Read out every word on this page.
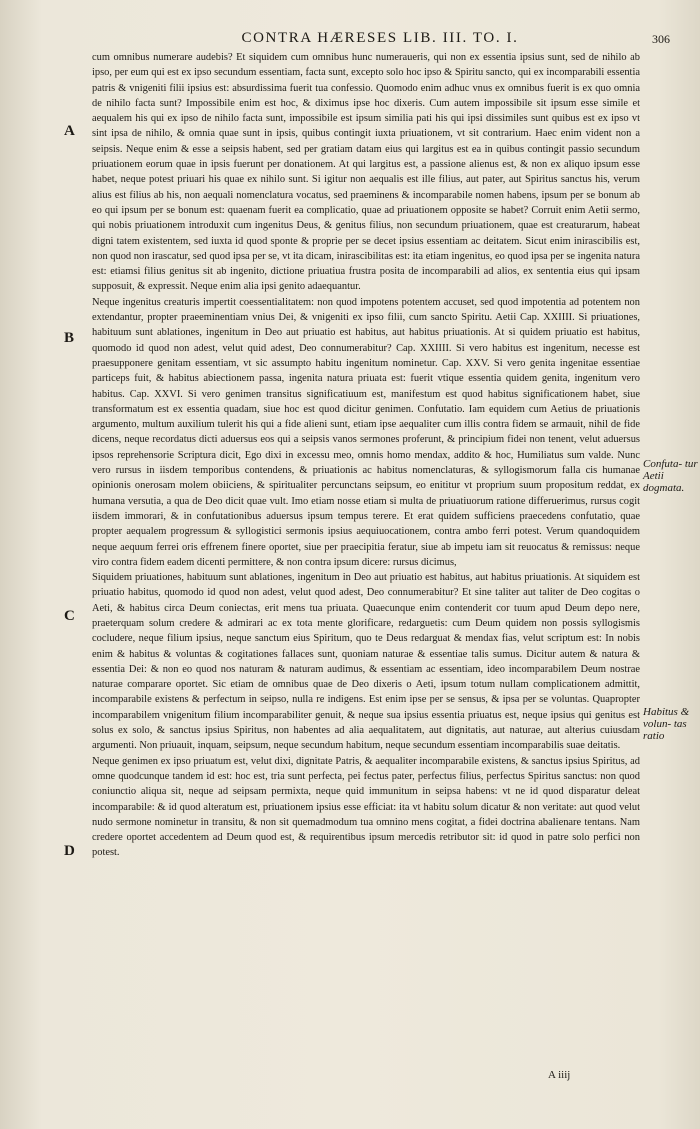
CONTRA HÆRESES LIB. III. TO. I.	306
A
B
C
D
Confuta- tur Aetii dogmata.
Habitus & volun- tas ratio

cum omnibus numerare audebis? Et siquidem cum omnibus hunc numeraueris, qui non ex essentia ipsius sunt, sed de nihilo ab ipso, per eum qui est ex ipso secundum essentiam, facta sunt, excepto solo hoc ipso & Spiritu sancto, qui ex incomparabili essentia patris & vnigeniti filii ipsius est: absurdissima fuerit tua confessio. Quomodo enim adhuc vnus ex omnibus fuerit is ex quo omnia de nihilo facta sunt? Impossibile enim est hoc, & diximus ipse hoc dixeris. Cum autem impossibile sit ipsum esse simile et aequalem his qui ex ipso de nihilo facta sunt, impossibile est ipsum similia pati his qui ipsi dissimiles sunt quibus est ex ipso vt sint ipsa de nihilo, & omnia quae sunt in ipsis, quibus contingit iuxta priuationem, vt sit contrarium. Haec enim vident non a seipsis. Neque enim & esse a seipsis habent, sed per gratiam datam eius qui largitus est ea in quibus contingit passio secundum priuationem eorum quae in ipsis fuerunt per donationem. At qui largitus est, a passione alienus est, & non ex aliquo ipsum esse habet, neque potest priuari his quae ex nihilo sunt. Si igitur non aequalis est ille filius, aut pater, aut Spiritus sanctus his, verum alius est filius ab his, non aequali nomenclatura vocatus, sed praeminens & incomparabile nomen habens, ipsum per se bonum ab eo qui ipsum per se bonum est: quaenam fuerit ea complicatio, quae ad priuationem opposite se habet? Corruit enim Aetii sermo, qui nobis priuationem introduxit cum ingenitus Deus, & genitus filius, non secundum priuationem, quae est creaturarum, habeat digni tatem existentem, sed iuxta id quod sponte & proprie per se decet ipsius essentiam ac deitatem. Sicut enim inirascibilis est, non quod non irascatur, sed quod ipsa per se, vt ita dicam, inirascibilitas est: ita etiam ingenitus, eo quod ipsa per se ingenita natura est: etiamsi filius genitus sit ab ingenito, dictione priuatiua frustra posita de incomparabili ad alios, ex sententia eius qui ipsam supposuit, & expressit. Neque enim alia ipsi genito adaequantur.

Neque ingenitus creaturis impertit coessentialitatem: non quod impotens potentem accuset, sed quod impotentia ad potentem non extendantur, propter praeeminentiam vnius Dei, & vnigeniti ex ipso filii, cum sancto Spiritu. Aetii Cap. XXIIII. Si priuationes, habituum sunt ablationes, ingenitum in Deo aut priuatio est habitus, aut habitus priuationis. At si quidem priuatio est habitus, quomodo id quod non adest, velut quid adest, Deo connumerabitur? Cap. XXIIII. Si vero habitus est ingenitum, necesse est praesupponere genitam essentiam, vt sic assumpto habitu ingenitum nominetur. Cap. XXV. Si vero genita ingenitae essentiae particeps fuit, & habitus abiectionem passa, ingenita natura priuata est: fuerit vtique essentia quidem genita, ingenitum vero habitus. Cap. XXVI. Si vero genimen transitus significatiuum est, manifestum est quod habitus significationem habet, siue transformatum est ex essentia quadam, siue hoc est quod dicitur genimen. Confutatio. Iam equidem cum Aetius de priuationis argumento, multum auxilium tulerit his qui a fide alieni sunt, etiam ipse aequaliter cum illis contra fidem se armauit, nihil de fide dicens, neque recordatus dicti aduersus eos qui a seipsis vanos sermones proferunt, & principium fidei non tenent, velut aduersus ipsos reprehensorie Scriptura dicit, Ego dixi in excessu meo, omnis homo mendax, addito & hoc, Humiliatus sum valde. Nunc vero rursus in iisdem temporibus contendens, & priuationis ac habitus nomenclaturas, & syllogismorum falla cis humanae opinionis onerosam molem obiiciens, & spiritualiter percunctans seipsum, eo enititur vt proprium suum propositum reddat, ex humana versutia, a qua de Deo dicit quae vult. Imo etiam nosse etiam si multa de priuatiuorum ratione differuerimus, rursus cogit iisdem immorari, & in confutationibus aduersus ipsum tempus terere. Et erat quidem sufficiens praecedens confutatio, quae propter aequalem progressum & syllogistici sermonis ipsius aequiuocationem, contra ambo ferri potest. Verum quandoquidem neque aequum ferrei oris effrenem finere oportet, siue per praecipitia feratur, siue ab impetu iam sit reuocatus & remissus: neque viro contra fidem eadem dicenti permittere, & non contra ipsum dicere: rursus dicimus,

Siquidem priuationes, habituum sunt ablationes, ingenitum in Deo aut priuatio est habitus, aut habitus priuationis. At siquidem est priuatio habitus, quomodo id quod non adest, velut quod adest, Deo connumerabitur? Et sine taliter aut taliter de Deo cogitas o Aeti, & habitus circa Deum coniectas, erit mens tua priuata. Quaecunque enim contenderit cor tuum apud Deum depo nere, praeterquam solum credere & admirari ac ex tota mente glorificare, redarguetis: cum Deum quidem non possis syllogismis cocludere, neque filium ipsius, neque sanctum eius Spiritum, quo te Deus redarguat & mendax fias, velut scriptum est: In nobis enim & habitus & voluntas & cogitationes fallaces sunt, quoniam naturae & essentiae talis sumus. Dicitur autem & natura & essentia Dei: & non eo quod nos naturam & naturam audimus, & essentiam ac essentiam, ideo incomparabilem Deum nostrae naturae comparare oportet. Sic etiam de omnibus quae de Deo dixeris o Aeti, ipsum totum nullam complicationem admittit, incomparabile existens & perfectum in seipso, nulla re indigens. Est enim ipse per se sensus, & ipsa per se voluntas. Quapropter incomparabilem vnigenitum filium incomparabiliter genuit, & neque sua ipsius essentia priuatus est, neque ipsius qui genitus est solus ex solo, & sanctus ipsius Spiritus, non habentes ad alia aequalitatem, aut dignitatis, aut naturae, aut alterius cuiusdam argumenti. Non priuauit, inquam, seipsum, neque secundum habitum, neque secundum essentiam incomparabilis suae deitatis.

Neque genimen ex ipso priuatum est, velut dixi, dignitate Patris, & aequaliter incomparabile existens, & sanctus ipsius Spiritus, ad omne quodcunque tandem id est: hoc est, tria sunt perfecta, pei fectus pater, perfectus filius, perfectus Spiritus sanctus: non quod coniunctio aliqua sit, neque ad seipsam permixta, neque quid immunitum in seipsa habens: vt ne id quod disparatur deleat incomparabile: & id quod alteratum est, priuationem ipsius esse efficiat: ita vt habitu solum dicatur & non veritate: aut quod velut nudo sermone nominetur in transitu, & non sit quemadmodum tua omnino mens cogitat, a fidei doctrina abalienare tentans. Nam credere oportet accedentem ad Deum quod est, & requirentibus ipsum mercedis retributor sit: id quod in patre solo perfici non potest.

A iiij
